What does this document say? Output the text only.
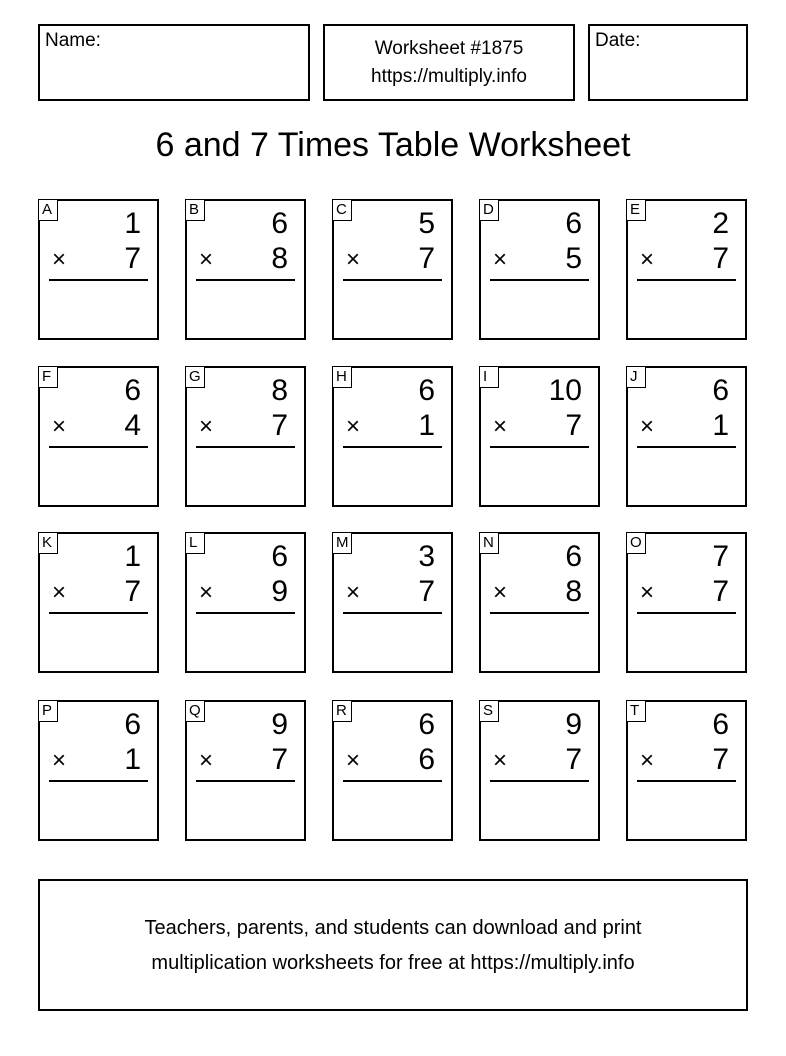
Name:	Worksheet #1875
https://multiply.info
Date:
6 and 7 Times Table Worksheet
A 1
× 7
B 6
× 8
C 5
× 7
D 6
× 5
E 2
× 7
F 6
× 4
G 8
× 7
H 6
× 1
I	10
× 7
J 6
× 1
K 1
× 7
L 6
× 9
M 3
× 7
N 6
× 8
O 7
× 7
P 6
× 1
Q 9
× 7
R 6
× 6
S 9
× 7
T 6
× 7
Teachers, parents, and students can download and print
multiplication worksheets for free at https://multiply.info
